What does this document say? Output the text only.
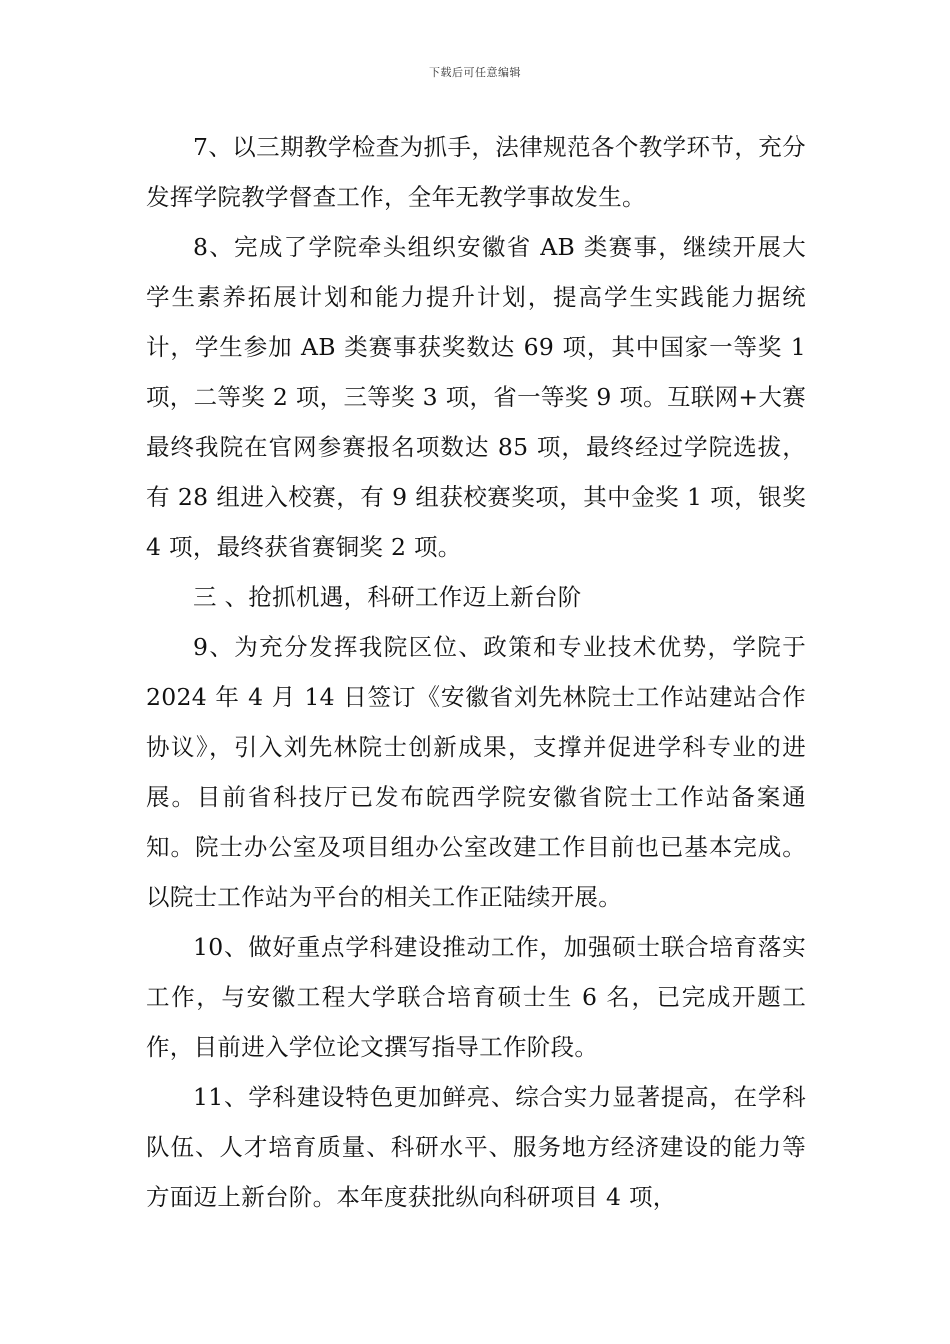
下载后可任意编辑

7、以三期教学检查为抓手，法律规范各个教学环节，充分发挥学院教学督查工作，全年无教学事故发生。

8、完成了学院牵头组织安徽省 AB 类赛事，继续开展大学生素养拓展计划和能力提升计划，提高学生实践能力据统计，学生参加 AB 类赛事获奖数达 69 项，其中国家一等奖 1 项，二等奖 2 项，三等奖 3 项，省一等奖 9 项。互联网+大赛最终我院在官网参赛报名项数达 85 项，最终经过学院选拔，有 28 组进入校赛，有 9 组获校赛奖项，其中金奖 1 项，银奖 4 项，最终获省赛铜奖 2 项。

三 、抢抓机遇，科研工作迈上新台阶

9、为充分发挥我院区位、政策和专业技术优势，学院于 2024 年 4 月 14 日签订《安徽省刘先林院士工作站建站合作协议》，引入刘先林院士创新成果，支撑并促进学科专业的进展。目前省科技厅已发布皖西学院安徽省院士工作站备案通知。院士办公室及项目组办公室改建工作目前也已基本完成。以院士工作站为平台的相关工作正陆续开展。

10、做好重点学科建设推动工作，加强硕士联合培育落实工作，与安徽工程大学联合培育硕士生 6 名，已完成开题工作，目前进入学位论文撰写指导工作阶段。

11、学科建设特色更加鲜亮、综合实力显著提高，在学科队伍、人才培育质量、科研水平、服务地方经济建设的能力等方面迈上新台阶。本年度获批纵向科研项目 4 项，
